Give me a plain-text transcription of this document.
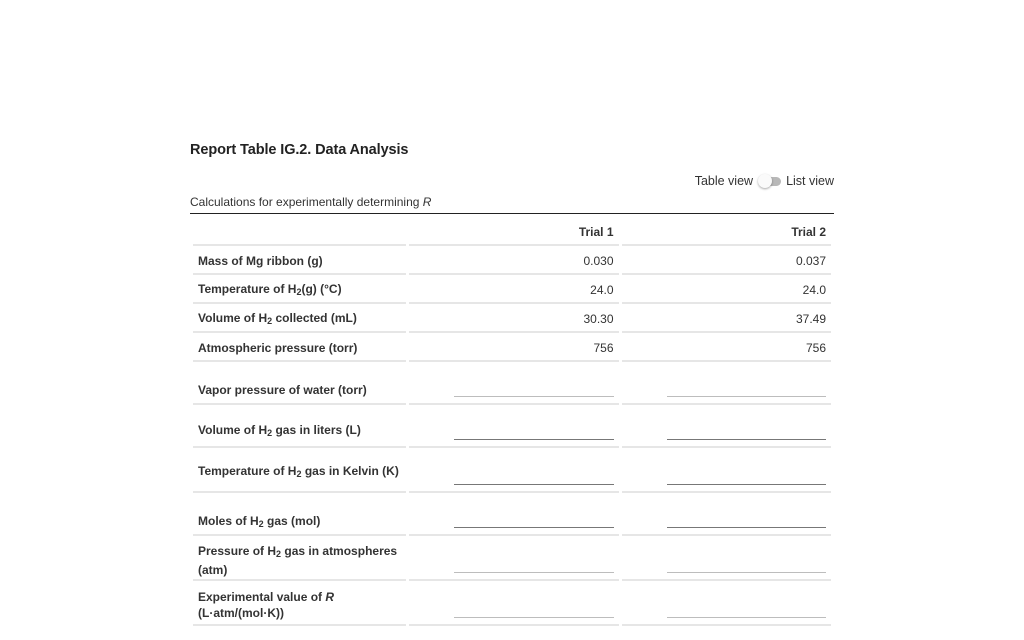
Report Table IG.2. Data Analysis
Table view	List view
Calculations for experimentally determining R
	Trial 1	Trial 2
Mass of Mg ribbon (g)	0.030	0.037
Temperature of $H_2(g)$ (°C)	24.0	24.0
Volume of $H_2$ collected (mL)	30.30	37.49
Atmospheric pressure (torr)	756	756
Vapor pressure of water (torr)	

Volume of $H_2$ gas in liters (L)	

Temperature of $H_2$ gas in Kelvin (K)	

Moles of $H_2$ gas (mol)	

Pressure of $H_2$ gas in atmospheres (atm)	

Experimental value of R (L·atm/(mol·K))	
